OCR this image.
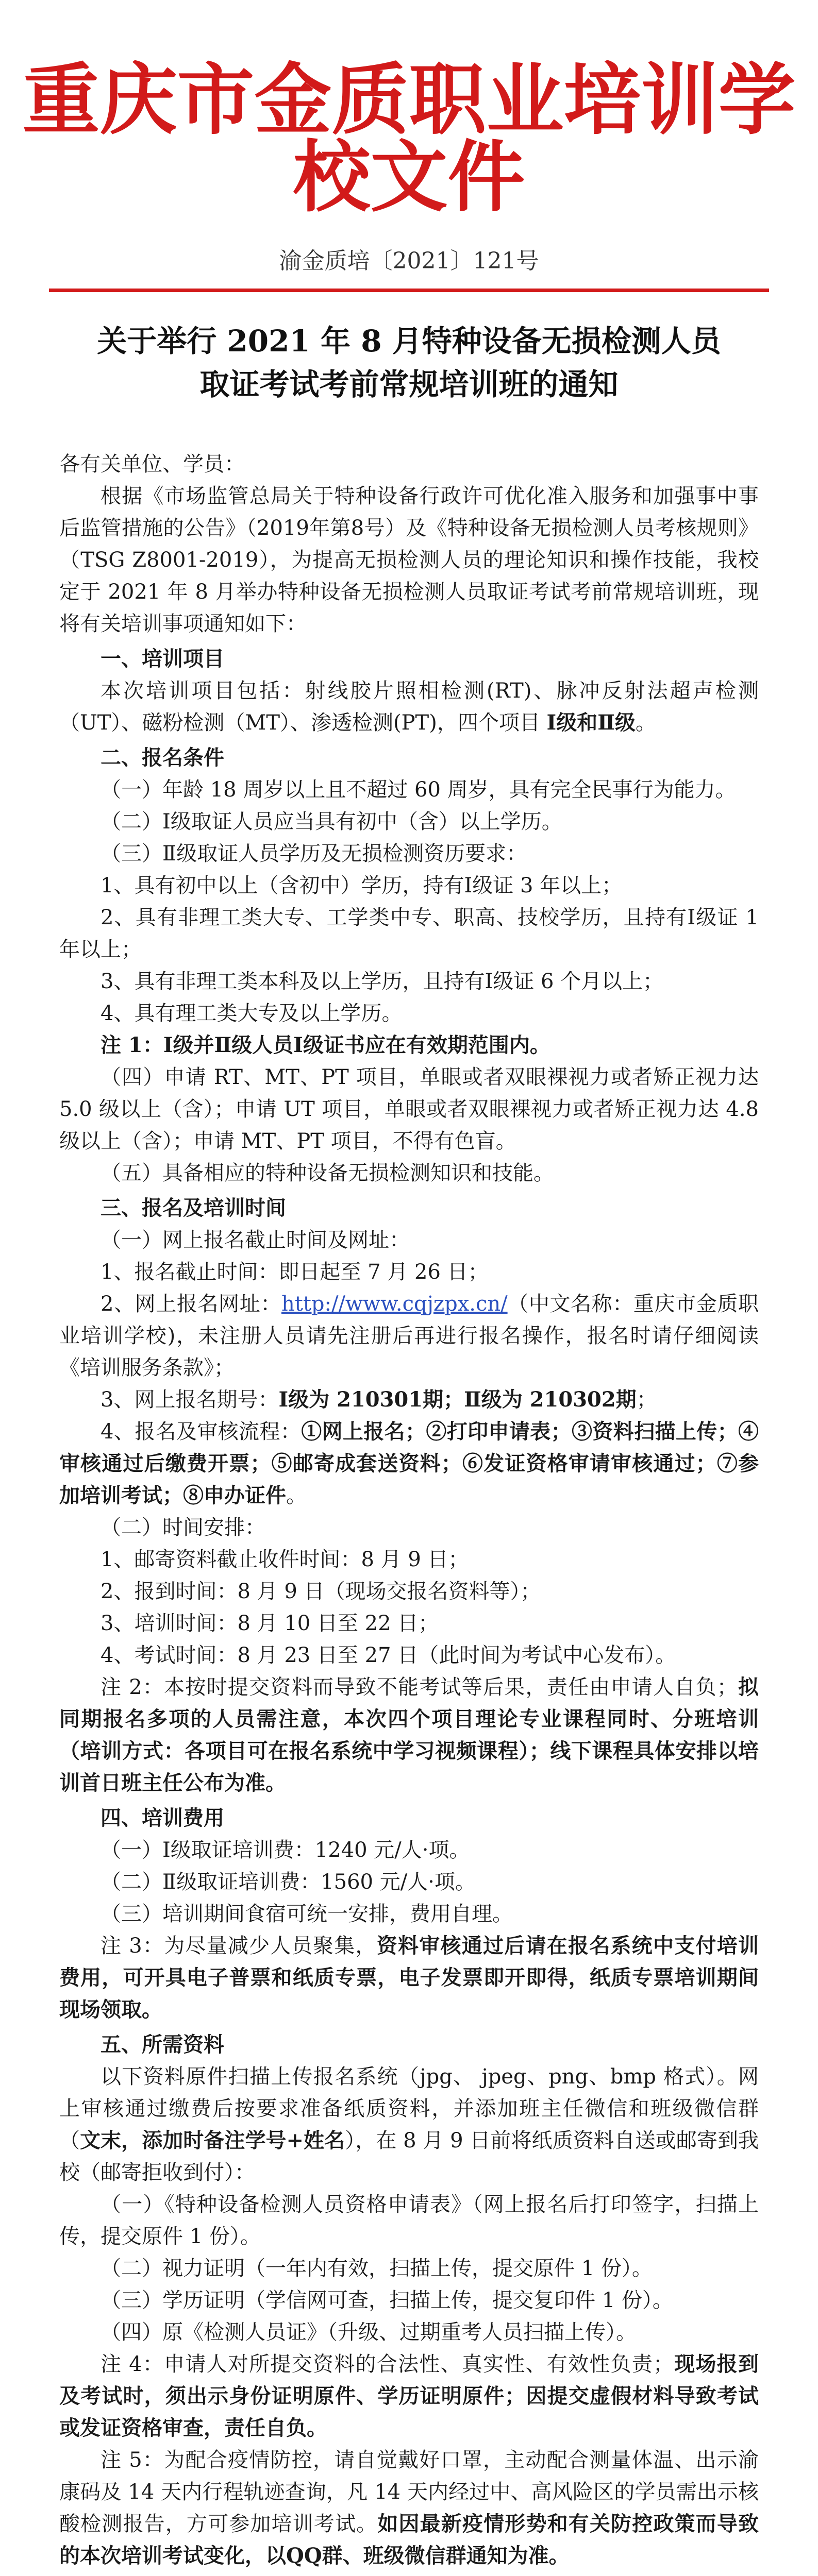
重庆市金质职业培训学校文件
渝金质培〔2021〕121号

关于举行 2021 年 8 月特种设备无损检测人员

取证考试考前常规培训班的通知

各有关单位、学员：

根据《市场监管总局关于特种设备行政许可优化准入服务和加强事中事后监管措施的公告》（2019年第8号）及《特种设备无损检测人员考核规则》（TSG Z8001-2019），为提高无损检测人员的理论知识和操作技能，我校定于 2021 年 8 月举办特种设备无损检测人员取证考试考前常规培训班，现将有关培训事项通知如下：

一、培训项目

本次培训项目包括：射线胶片照相检测(RT)、脉冲反射法超声检测（UT）、磁粉检测（MT）、渗透检测(PT)，四个项目 Ⅰ级和Ⅱ级。

二、报名条件

（一）年龄 18 周岁以上且不超过 60 周岁，具有完全民事行为能力。

（二）Ⅰ级取证人员应当具有初中（含）以上学历。

（三）Ⅱ级取证人员学历及无损检测资历要求：

1、具有初中以上（含初中）学历，持有Ⅰ级证 3 年以上；

2、具有非理工类大专、工学类中专、职高、技校学历，且持有Ⅰ级证 1 年以上；

3、具有非理工类本科及以上学历，且持有Ⅰ级证 6 个月以上；

4、具有理工类大专及以上学历。

注 1：Ⅰ级并Ⅱ级人员Ⅰ级证书应在有效期范围内。

（四）申请 RT、MT、PT 项目，单眼或者双眼裸视力或者矫正视力达 5.0 级以上（含）；申请 UT 项目，单眼或者双眼裸视力或者矫正视力达 4.8 级以上（含）；申请 MT、PT 项目，不得有色盲。

（五）具备相应的特种设备无损检测知识和技能。

三、报名及培训时间

（一）网上报名截止时间及网址：

1、报名截止时间：即日起至 7 月 26 日；

2、网上报名网址：http://www.cqjzpx.cn/（中文名称：重庆市金质职业培训学校)，未注册人员请先注册后再进行报名操作，报名时请仔细阅读《培训服务条款》；

3、网上报名期号：Ⅰ级为 210301期；Ⅱ级为 210302期；

4、报名及审核流程：①网上报名；②打印申请表；③资料扫描上传；④审核通过后缴费开票；⑤邮寄成套送资料；⑥发证资格审请审核通过；⑦参加培训考试；⑧申办证件。

（二）时间安排：

1、邮寄资料截止收件时间：8 月 9 日；

2、报到时间：8 月 9 日（现场交报名资料等）；

3、培训时间：8 月 10 日至 22 日；

4、考试时间：8 月 23 日至 27 日（此时间为考试中心发布）。

注 2：本按时提交资料而导致不能考试等后果，责任由申请人自负；拟同期报名多项的人员需注意，本次四个项目理论专业课程同时、分班培训（培训方式：各项目可在报名系统中学习视频课程）；线下课程具体安排以培训首日班主任公布为准。

四、培训费用

（一）Ⅰ级取证培训费：1240 元/人·项。

（二）Ⅱ级取证培训费：1560 元/人·项。

（三）培训期间食宿可统一安排，费用自理。

注 3：为尽量减少人员聚集，资料审核通过后请在报名系统中支付培训费用，可开具电子普票和纸质专票，电子发票即开即得，纸质专票培训期间现场领取。

五、所需资料

以下资料原件扫描上传报名系统（jpg、 jpeg、png、bmp 格式）。网上审核通过缴费后按要求准备纸质资料，并添加班主任微信和班级微信群（文末，添加时备注学号+姓名），在 8 月 9 日前将纸质资料自送或邮寄到我校（邮寄拒收到付）：

（一）《特种设备检测人员资格申请表》（网上报名后打印签字，扫描上传，提交原件 1 份）。

（二）视力证明（一年内有效，扫描上传，提交原件 1 份）。

（三）学历证明（学信网可查，扫描上传，提交复印件 1 份）。

（四）原《检测人员证》（升级、过期重考人员扫描上传）。

注 4：申请人对所提交资料的合法性、真实性、有效性负责；现场报到及考试时，须出示身份证明原件、学历证明原件；因提交虚假材料导致考试或发证资格审查，责任自负。

注 5：为配合疫情防控，请自觉戴好口罩，主动配合测量体温、出示渝康码及 14 天内行程轨迹查询，凡 14 天内经过中、高风险区的学员需出示核酸检测报告，方可参加培训考试。如因最新疫情形势和有关防控政策而导致的本次培训考试变化，以QQ群、班级微信群通知为准。
